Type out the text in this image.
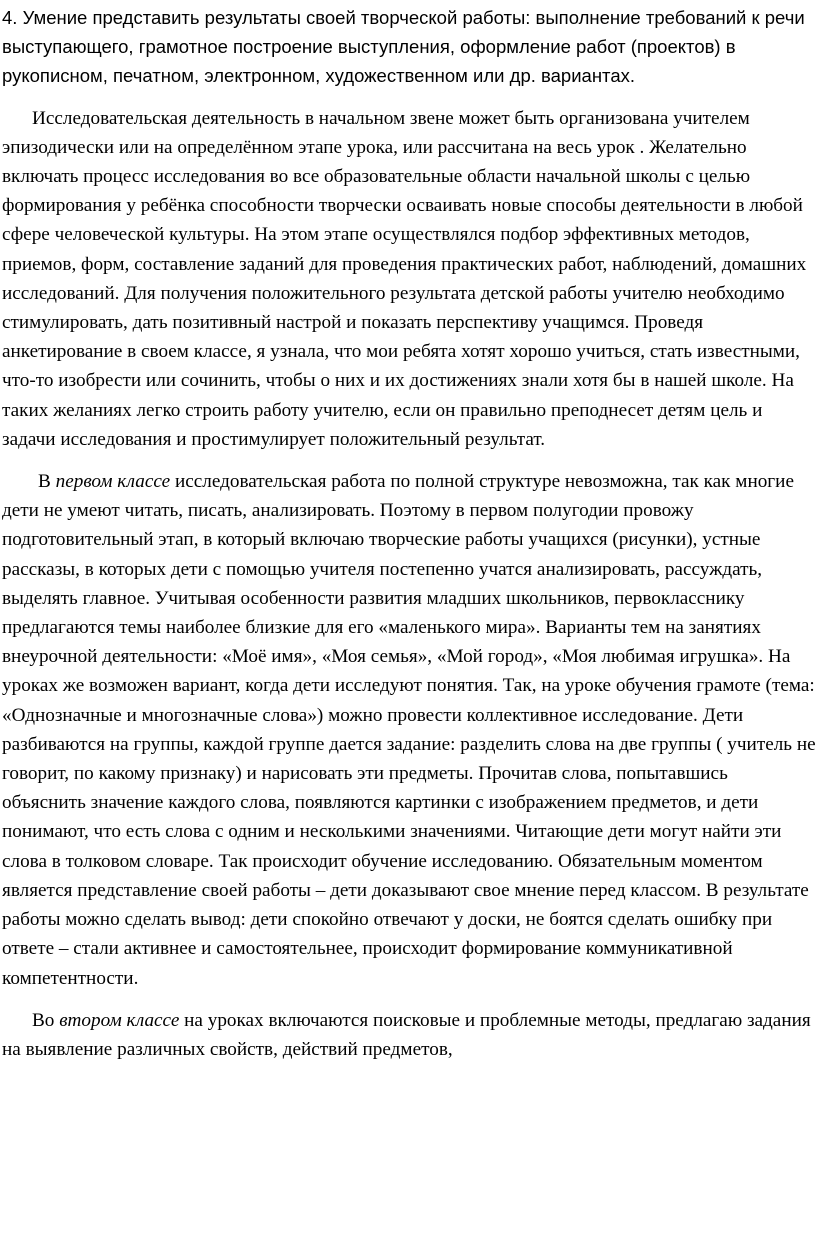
4. Умение представить результаты своей творческой работы: выполнение требований к речи выступающего, грамотное построение выступления, оформление работ (проектов) в рукописном, печатном, электронном, художественном или др. вариантах.

Исследовательская деятельность в начальном звене может быть организована учителем эпизодически или на определённом этапе урока, или рассчитана на весь урок . Желательно включать процесс исследования во все образовательные области начальной школы с целью формирования у ребёнка способности творчески осваивать новые способы деятельности в любой сфере человеческой культуры. На этом этапе осуществлялся подбор эффективных методов, приемов, форм, составление заданий для проведения практических работ, наблюдений, домашних исследований. Для получения положительного результата детской работы учителю необходимо стимулировать, дать позитивный настрой и показать перспективу учащимся. Проведя анкетирование в своем классе, я узнала, что мои ребята хотят хорошо учиться, стать известными, что-то изобрести или сочинить, чтобы о них и их достижениях знали хотя бы в нашей школе. На таких желаниях легко строить работу учителю, если он правильно преподнесет детям цель и задачи исследования и простимулирует положительный результат.

В первом классе исследовательская работа по полной структуре невозможна, так как многие дети не умеют читать, писать, анализировать. Поэтому в первом полугодии провожу подготовительный этап, в который включаю творческие работы учащихся (рисунки), устные рассказы, в которых дети с помощью учителя постепенно учатся анализировать, рассуждать, выделять главное. Учитывая особенности развития младших школьников, первокласснику предлагаются темы наиболее близкие для его «маленького мира». Варианты тем на занятиях внеурочной деятельности: «Моё имя», «Моя семья», «Мой город», «Моя любимая игрушка». На уроках же возможен вариант, когда дети исследуют понятия. Так, на уроке обучения грамоте (тема: «Однозначные и многозначные слова») можно провести коллективное исследование. Дети разбиваются на группы, каждой группе дается задание: разделить слова на две группы ( учитель не говорит, по какому признаку) и нарисовать эти предметы. Прочитав слова, попытавшись объяснить значение каждого слова, появляются картинки с изображением предметов, и дети понимают, что есть слова с одним и несколькими значениями. Читающие дети могут найти эти слова в толковом словаре. Так происходит обучение исследованию. Обязательным моментом является представление своей работы – дети доказывают свое мнение перед классом. В результате работы можно сделать вывод: дети спокойно отвечают у доски, не боятся сделать ошибку при ответе – стали активнее и самостоятельнее, происходит формирование коммуникативной компетентности.

Во втором классе на уроках включаются поисковые и проблемные методы, предлагаю задания на выявление различных свойств, действий предметов,
